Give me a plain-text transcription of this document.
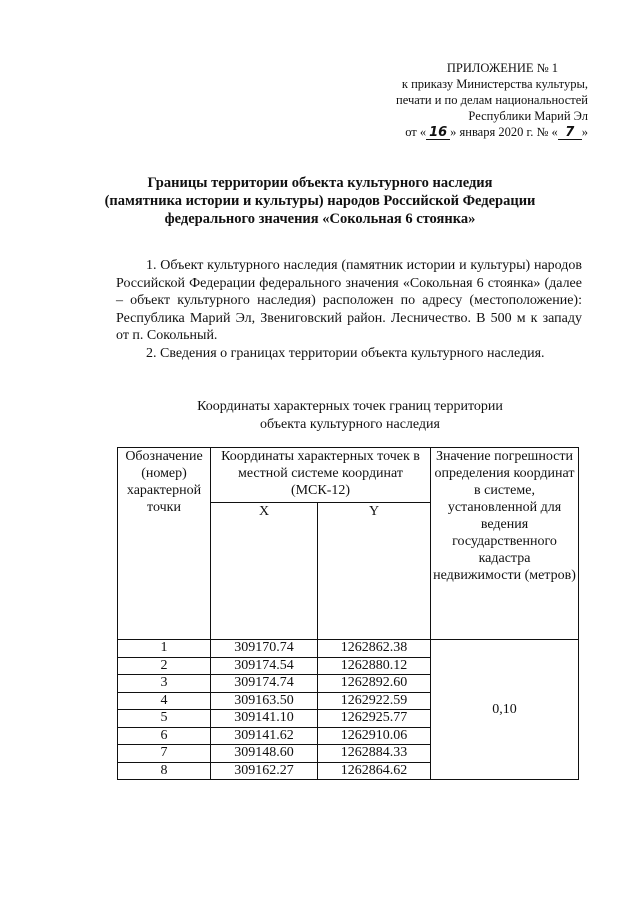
ПРИЛОЖЕНИЕ № 1
к приказу Министерства культуры,
печати и по делам национальностей
Республики Марий Эл
от « 16 » января 2020 г. № « 7 »
Границы территории объекта культурного наследия
(памятника истории и культуры) народов Российской Федерации
федерального значения «Сокольная 6 стоянка»

1. Объект культурного наследия (памятник истории и культуры) народов Российской Федерации федерального значения «Сокольная 6 стоянка» (далее – объект культурного наследия) расположен по адресу (местоположение): Республика Марий Эл, Звениговский район. Лесничество. В 500 м к западу от п. Сокольный.

2. Сведения о границах территории объекта культурного наследия.

Координаты характерных точек границ территории
объекта культурного наследия
Обозначение (номер) характерной точки	Координаты характерных точек в местной системе координат (МСК-12)		Значение погрешности определения координат в системе, установленной для ведения государственного кадастра недвижимости (метров)
	X	Y	
1	309170.74	1262862.38	0,10
2	309174.54	1262880.12	
3	309174.74	1262892.60	
4	309163.50	1262922.59	
5	309141.10	1262925.77	
6	309141.62	1262910.06	
7	309148.60	1262884.33	
8	309162.27	1262864.62	
